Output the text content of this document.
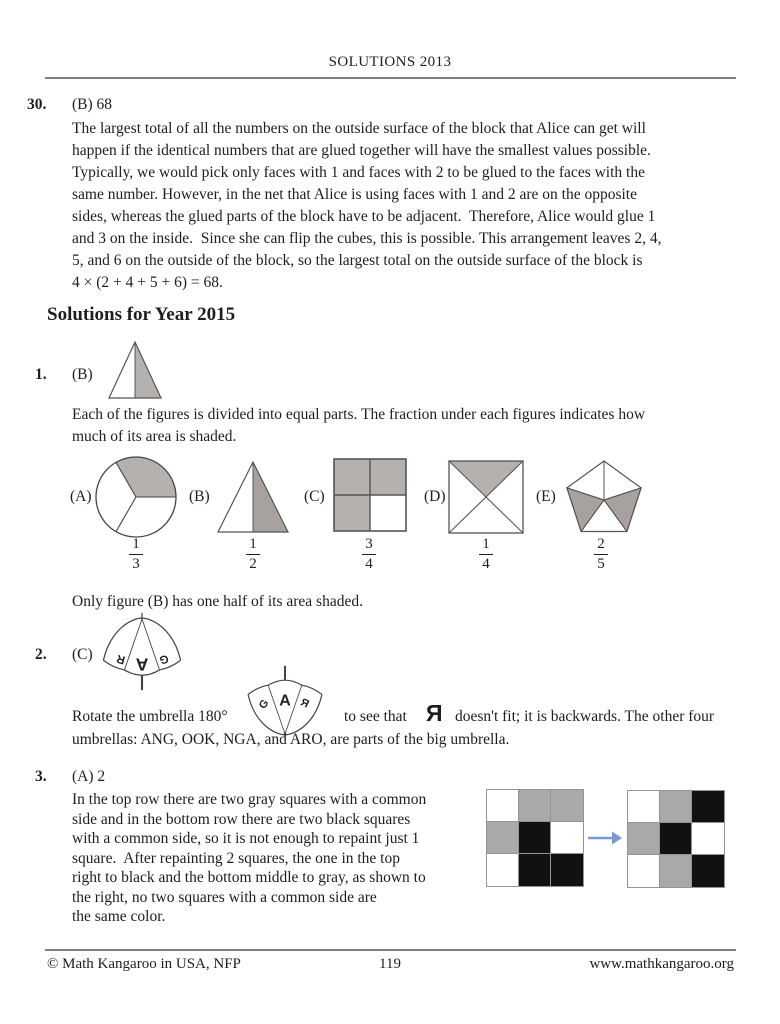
SOLUTIONS 2013
30. (B) 68
The largest total of all the numbers on the outside surface of the block that Alice can get will
happen if the identical numbers that are glued together will have the smallest values possible.
Typically, we would pick only faces with 1 and faces with 2 to be glued to the faces with the
same number. However, in the net that Alice is using faces with 1 and 2 are on the opposite
sides, whereas the glued parts of the block have to be adjacent.  Therefore, Alice would glue 1
and 3 on the inside.  Since she can flip the cubes, this is possible. This arrangement leaves 2, 4,
5, and 6 on the outside of the block, so the largest total on the outside surface of the block is
4 × (2 + 4 + 5 + 6) = 68.
Solutions for Year 2015
1. (B)
Each of the figures is divided into equal parts. The fraction under each figures indicates how
much of its area is shaded.
(A)
1
3
(B)
1
2
(C)
3
4
(D)
1
4
(E)
2
5
Only figure (B) has one half of its area shaded.
2. (C) R A G
G A Я
Rotate the umbrella 180°	to see that Я doesn't fit; it is backwards. The other four
umbrellas: ANG, OOK, NGA, and ARO, are parts of the big umbrella.
3. (A) 2
In the top row there are two gray squares with a common
side and in the bottom row there are two black squares
with a common side, so it is not enough to repaint just 1
square.  After repainting 2 squares, the one in the top
right to black and the bottom middle to gray, as shown to
the right, no two squares with a common side are
the same color.
© Math Kangaroo in USA, NFP	119	www.mathkangaroo.org
